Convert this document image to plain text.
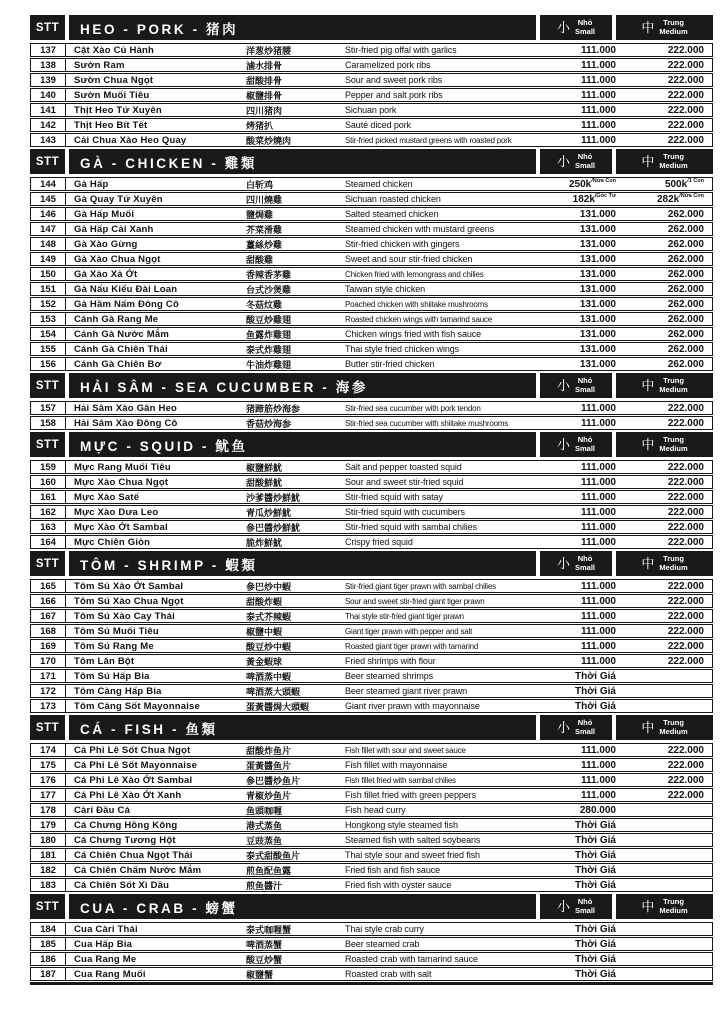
STT	HEO - PORK - 猪肉	小	Nhỏ
Small	中	Trung
Medium
137	Cật Xào Củ Hành	洋葱炒猪腰	Stir-fried pig offal with garlics	111.000	222.000
138	Sườn Ram	滷水排骨	Caramelized pork ribs	111.000	222.000
139	Sườn Chua Ngọt	甜酸排骨	Sour and sweet pork ribs	111.000	222.000
140	Sườn Muối Tiêu	椒鹽排骨	Pepper and salt pork ribs	111.000	222.000
141	Thịt Heo Tứ Xuyên	四川猪肉	Sichuan pork	111.000	222.000
142	Thịt Heo Bít Tết	烤猪扒	Sauté diced pork	111.000	222.000
143	Cải Chua Xào Heo Quay	酸菜炒燒肉	Stir-fried picked mustard greens with roasted pork	111.000	222.000
STT	GÀ - CHICKEN - 雞類	小	Nhỏ
Small	中	Trung
Medium
144	Gà Hấp	白斩鸡	Steamed chicken	250k /Nửa Con	500k /1 Con
145	Gà Quay Tứ Xuyên	四川燒雞	Sichuan roasted chicken	182k /Góc Tư	282k /Nửa Con
146	Gà Hấp Muối	鹽焗雞	Salted steamed chicken	131.000	262.000
147	Gà Hấp Cải Xanh	芥菜滑雞	Steamed chicken with mustard greens	131.000	262.000
148	Gà Xào Gừng	薑絲炒雞	Stir-fried chicken with gingers	131.000	262.000
149	Gà Xào Chua Ngọt	甜酸雞	Sweet and sour stir-fried chicken	131.000	262.000
150	Gà Xào Xả Ớt	香辣香茅雞	Chicken fried with lemongrass and chilies	131.000	262.000
151	Gà Nấu Kiểu Đài Loan	台式沙煲雞	Taiwan style chicken	131.000	262.000
152	Gà Hầm Nấm Đông Cô	冬菇炆雞	Poached chicken with shiitake mushrooms	131.000	262.000
153	Cánh Gà Rang Me	酸豆炒雞翅	Roasted chicken wings with tamarind sauce	131.000	262.000
154	Cánh Gà Nước Mắm	鱼露炸雞翅	Chicken wings fried with fish sauce	131.000	262.000
155	Cánh Gà Chiên Thái	泰式炸雞翅	Thai style fried chicken wings	131.000	262.000
156	Cánh Gà Chiên Bơ	牛油炸雞翅	Butter stir-fried chicken	131.000	262.000
STT	HẢI SÂM - SEA CUCUMBER - 海参	小	Nhỏ
Small	中	Trung
Medium
157	Hải Sâm Xào Gân Heo	猪蹄筋炒海参	Stir-fried sea cucumber with pork tendon	111.000	222.000
158	Hải Sâm Xào Đông Cô	香菇炒海参	Stir-fried sea cucumber with shiitake mushrooms	111.000	222.000
STT	MỰC - SQUID - 鱿鱼	小	Nhỏ
Small	中	Trung
Medium
159	Mực Rang Muối Tiêu	椒鹽鮮魷	Salt and pepper toasted squid	111.000	222.000
160	Mực Xào Chua Ngọt	甜酸鮮魷	Sour and sweet stir-fried squid	111.000	222.000
161	Mực Xào Satế	沙爹醬炒鮮魷	Stir-fried squid with satay	111.000	222.000
162	Mực Xào Dưa Leo	青瓜炒鮮魷	Stir-fried squid with cucumbers	111.000	222.000
163	Mực Xào Ớt Sambal	參巴醬炒鮮魷	Stir-fried squid with sambal chilies	111.000	222.000
164	Mực Chiên Giòn	脆炸鮮魷	Crispy fried squid	111.000	222.000
STT	TÔM - SHRIMP - 蝦類	小	Nhỏ
Small	中	Trung
Medium
165	Tôm Sú Xào Ớt Sambal	參巴炒中蝦	Stir-fried giant tiger prawn with sambal chilies	111.000	222.000
166	Tôm Sú Xào Chua Ngọt	甜酸炸蝦	Sour and sweet stir-fried giant tiger prawn	111.000	222.000
167	Tôm Sú Xào Cay Thái	泰式芥辣蝦	Thai style stir-fried giant tiger prawn	111.000	222.000
168	Tôm Sú Muối Tiêu	椒鹽中蝦	Giant tiger prawn with pepper and salt	111.000	222.000
169	Tôm Sú Rang Me	酸豆炒中蝦	Roasted giant tiger prawn with tamarind	111.000	222.000
170	Tôm Lăn Bột	黃金蝦球	Fried shrimps with flour	111.000	222.000
171	Tôm Sú Hấp Bia	啤酒蒸中蝦	Beer steamed shrimps	Thời Giá
172	Tôm Càng Hấp Bia	啤酒蒸大頭蝦	Beer steamed giant river prawn	Thời Giá
173	Tôm Càng Sốt Mayonnaise	蛋黃醬焗大頭蝦	Giant river prawn with mayonnaise	Thời Giá
STT	CÁ - FISH - 鱼類	小	Nhỏ
Small	中	Trung
Medium
174	Cá Phi Lê Sốt Chua Ngọt	甜酸炸鱼片	Fish fillet with sour and sweet sauce	111.000	222.000
175	Cá Phi Lê Sốt Mayonnaise	蛋黃醬鱼片	Fish fillet with mayonnaise	111.000	222.000
176	Cá Phi Lê Xào Ớt Sambal	參巴醬炒鱼片	Fish fillet fried with sambal chilies	111.000	222.000
177	Cá Phi Lê Xào Ớt Xanh	青椒炒鱼片	Fish fillet fried with green peppers	111.000	222.000
178	Càri Đầu Cá	鱼頭咖喱	Fish head curry	280.000
179	Cá Chưng Hồng Kông	港式蒸鱼	Hongkong style steamed fish	Thời Giá
180	Cá Chưng Tương Hột	豆豉蒸鱼	Steamed fish with salted soybeans	Thời Giá
181	Cá Chiên Chua Ngọt Thái	泰式甜酸鱼片	Thai style sour and sweet fried fish	Thời Giá
182	Cá Chiên Chấm Nước Mắm	煎鱼配鱼露	Fried fish and fish sauce	Thời Giá
183	Cá Chiên Sốt Xì Dầu	煎鱼醬汁	Fried fish with oyster sauce	Thời Giá
STT	CUA - CRAB - 螃蟹	小	Nhỏ
Small	中	Trung
Medium
184	Cua Càri Thái	泰式咖喱蟹	Thai style crab curry	Thời Giá
185	Cua Hấp Bia	啤酒蒸蟹	Beer steamed crab	Thời Giá
186	Cua Rang Me	酸豆炒蟹	Roasted crab with tamarind sauce	Thời Giá
187	Cua Rang Muối	椒鹽蟹	Roasted crab with salt	Thời Giá
